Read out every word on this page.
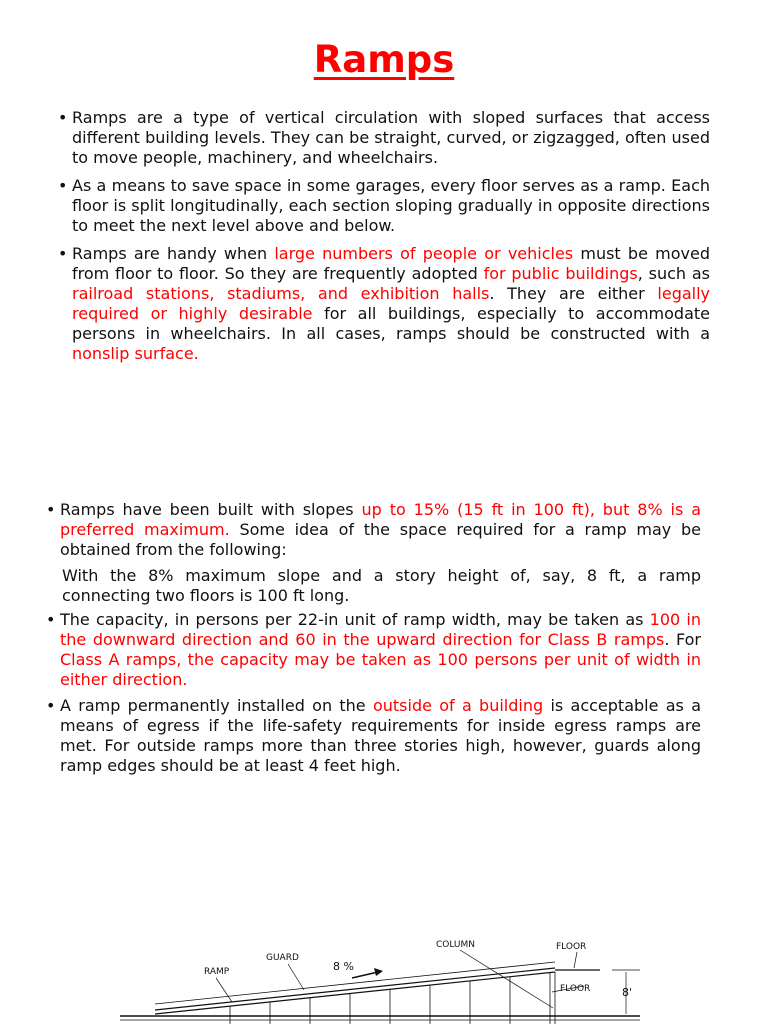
Ramps
• Ramps are a type of vertical circulation with sloped surfaces that access different building levels. They can be straight, curved, or zigzagged, often used to move people, machinery, and wheelchairs.
• As a means to save space in some garages, every floor serves as a ramp. Each floor is split longitudinally, each section sloping gradually in opposite directions to meet the next level above and below.
• Ramps are handy when large numbers of people or vehicles must be moved from floor to floor. So they are frequently adopted for public buildings, such as railroad stations, stadiums, and exhibition halls. They are either legally required or highly desirable for all buildings, especially to accommodate persons in wheelchairs. In all cases, ramps should be constructed with a nonslip surface.
• Ramps have been built with slopes up to 15% (15 ft in 100 ft), but 8% is a preferred maximum. Some idea of the space required for a ramp may be obtained from the following:

With the 8% maximum slope and a story height of, say, 8 ft, a ramp connecting two floors is 100 ft long.

• The capacity, in persons per 22-in unit of ramp width, may be taken as 100 in the downward direction and 60 in the upward direction for Class B ramps. For Class A ramps, the capacity may be taken as 100 persons per unit of width in either direction.
• A ramp permanently installed on the outside of a building is acceptable as a means of egress if the life-safety requirements for inside egress ramps are met. For outside ramps more than three stories high, however, guards along ramp edges should be at least 4 feet high.
RAMP
GUARD
8 %
COLUMN	FLOOR
FLOOR	8'
